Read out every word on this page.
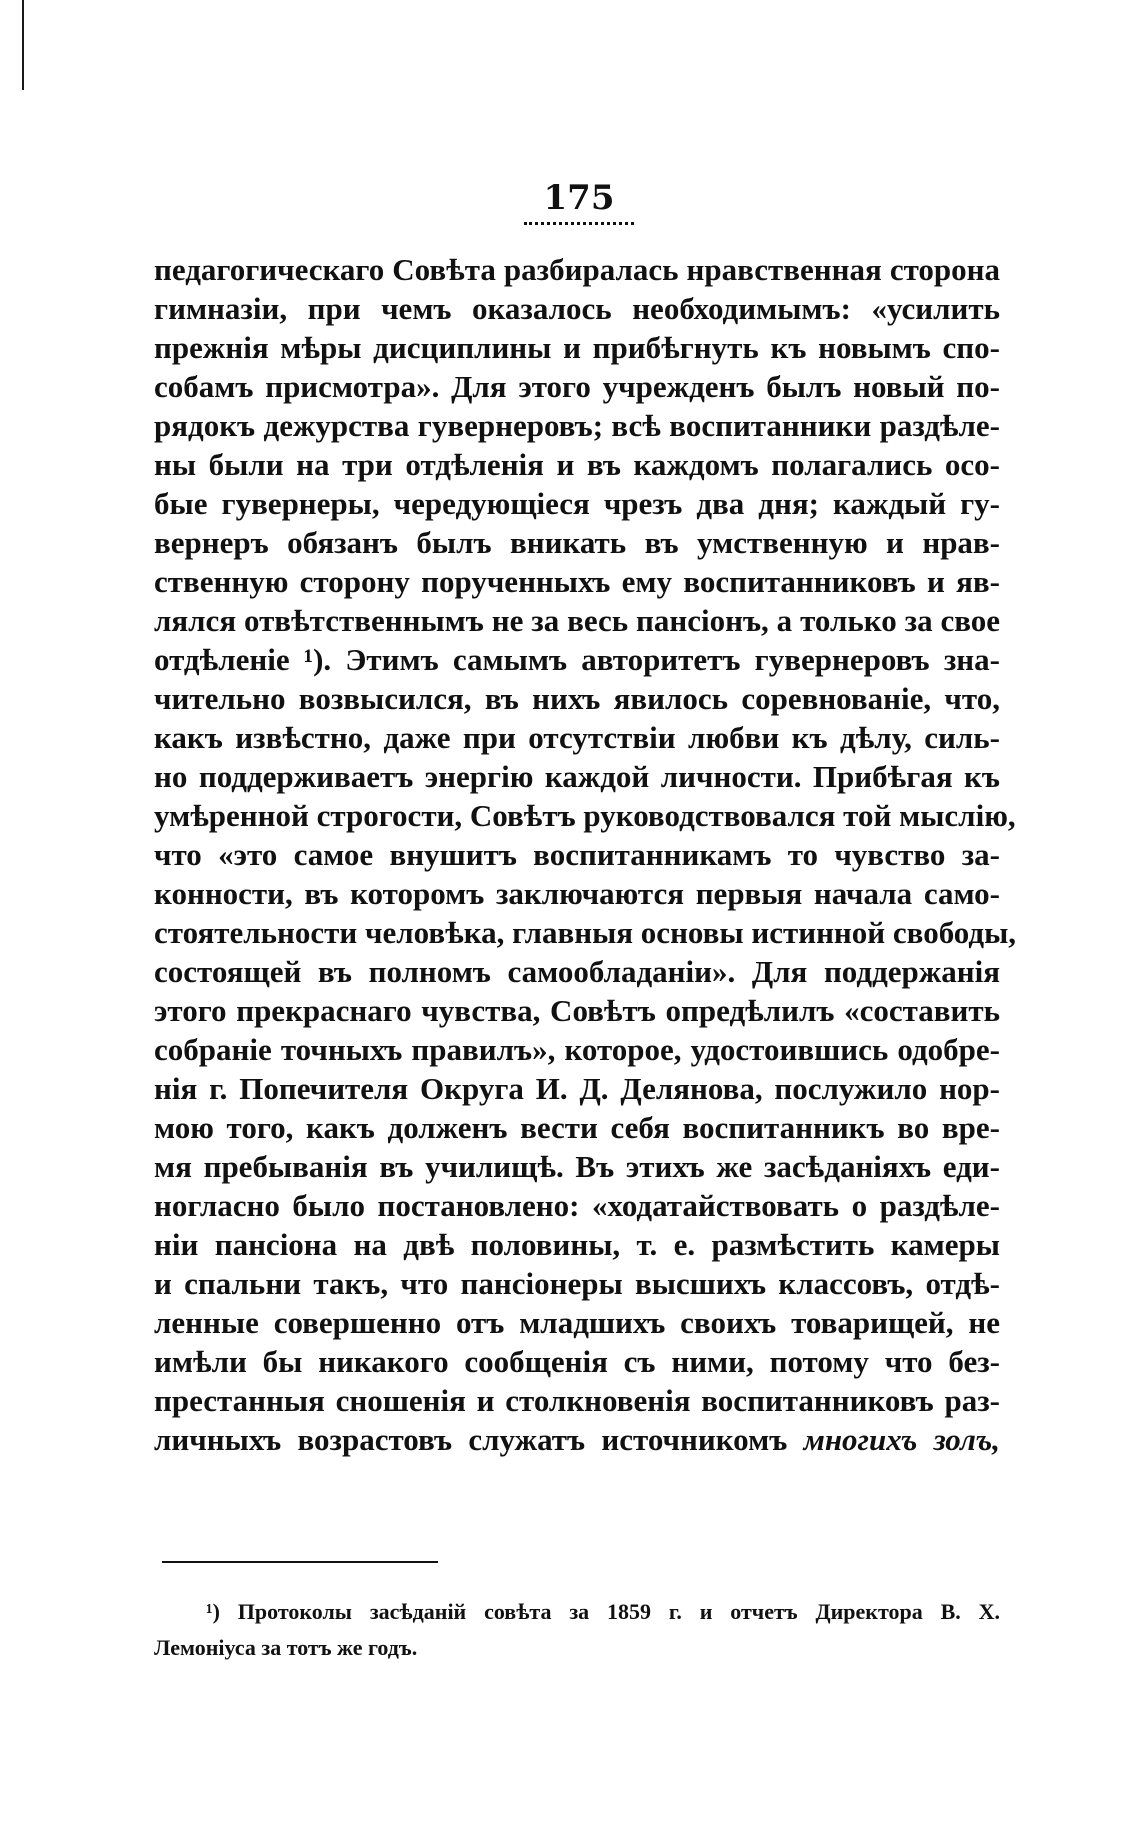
175
педагогическаго Совѣта разбиралась нравственная сторона
гимназіи, при чемъ оказалось необходимымъ: «усилить
прежнія мѣры дисциплины и прибѣгнуть къ новымъ спо-
собамъ присмотра». Для этого учрежденъ былъ новый по-
рядокъ дежурства гувернеровъ; всѣ воспитанники раздѣле-
ны были на три отдѣленія и въ каждомъ полагались осо-
бые гувернеры, чередующіеся чрезъ два дня; каждый гу-
вернеръ обязанъ былъ вникать въ умственную и нрав-
ственную сторону порученныхъ ему воспитанниковъ и яв-
лялся отвѣтственнымъ не за весь пансіонъ, а только за свое
отдѣленіе ¹). Этимъ самымъ авторитетъ гувернеровъ зна-
чительно возвысился, въ нихъ явилось соревнованіе, что,
какъ извѣстно, даже при отсутствіи любви къ дѣлу, силь-
но поддерживаетъ энергію каждой личности. Прибѣгая къ
умѣренной строгости, Совѣтъ руководствовался той мыслію,
что «это самое внушитъ воспитанникамъ то чувство за-
конности, въ которомъ заключаются первыя начала само-
стоятельности человѣка, главныя основы истинной свободы,
состоящей въ полномъ самообладаніи». Для поддержанія
этого прекраснаго чувства, Совѣтъ опредѣлилъ «составить
собраніе точныхъ правилъ», которое, удостоившись одобре-
нія г. Попечителя Округа И. Д. Делянова, послужило нор-
мою того, какъ долженъ вести себя воспитанникъ во вре-
мя пребыванія въ училищѣ. Въ этихъ же засѣданіяхъ еди-
ногласно было постановлено: «ходатайствовать о раздѣле-
ніи пансіона на двѣ половины, т. е. размѣстить камеры
и спальни такъ, что пансіонеры высшихъ классовъ, отдѣ-
ленные совершенно отъ младшихъ своихъ товарищей, не
имѣли бы никакого сообщенія съ ними, потому что без-
престанныя сношенія и столкновенія воспитанниковъ раз-
личныхъ возрастовъ служатъ источникомъ многихъ золъ,
¹) Протоколы засѣданій совѣта за 1859 г. и отчетъ Директора В. Х.
Лемоніуса за тотъ же годъ.
